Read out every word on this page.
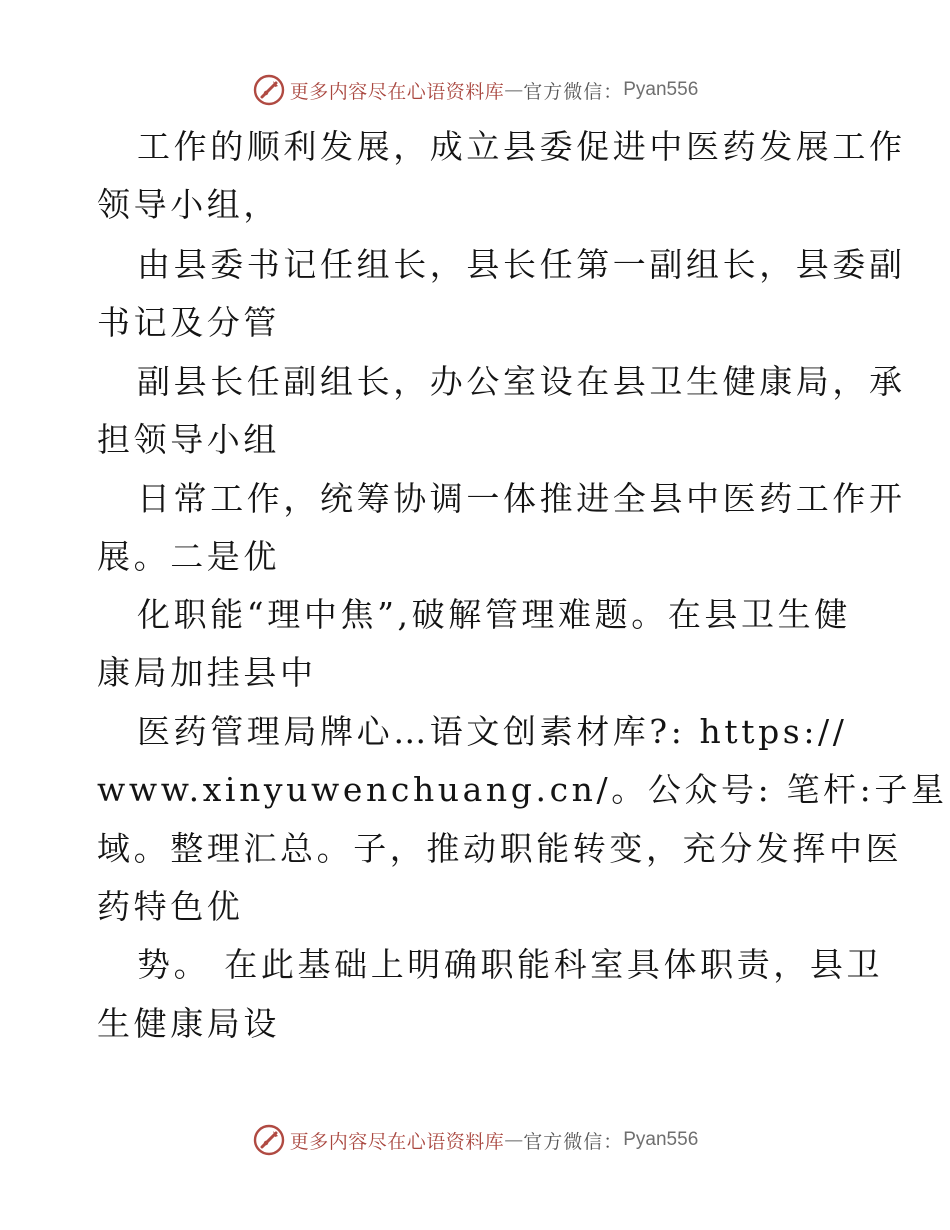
更多内容尽在心语资料库 — 官方微信： Pyan556

工作的顺利发展，成立县委促进中医药发展工作

领导小组，

由县委书记任组长，县长任第一副组长，县委副

书记及分管

副县长任副组长，办公室设在县卫生健康局，承

担领导小组

日常工作，统筹协调一体推进全县中医药工作开

展。二是优

化职能“理中焦”,破解管理难题。在县卫生健

康局加挂县中

医药管理局牌心…语文创素材库?: https://

www.xinyuwenchuang.cn/。公众号: 笔杆:子星

域。整理汇总。子，推动职能转变，充分发挥中医

药特色优

势。 在此基础上明确职能科室具体职责，县卫

生健康局设

更多内容尽在心语资料库 — 官方微信： Pyan556
